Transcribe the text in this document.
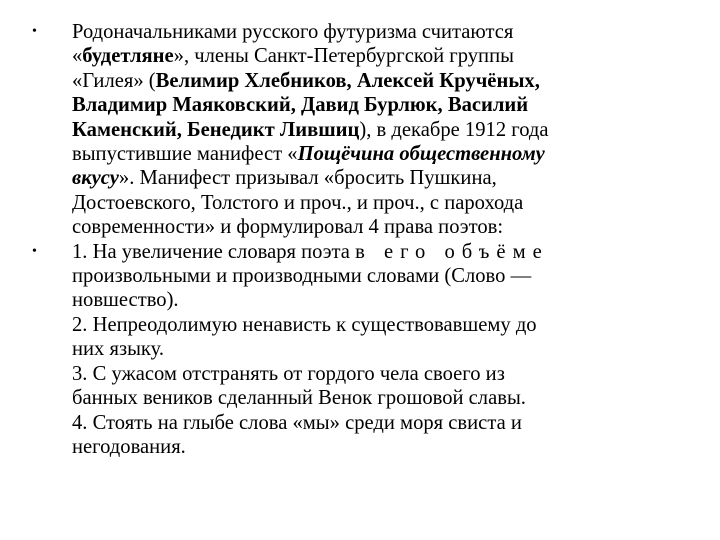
•	Родоначальниками русского футуризма считаются
«будетляне», члены Санкт-Петербургской группы
«Гилея» (Велимир Хлебников, Алексей Кручёных,
Владимир Маяковский, Давид Бурлюк, Василий
Каменский, Бенедикт Лившиц), в декабре 1912 года
выпустившие манифест «Пощёчина общественному
вкусу». Манифест призывал «бросить Пушкина,
Достоевского, Толстого и проч., и проч., с парохода
современности» и формулировал 4 права поэтов:
•	1. На увеличение словаря поэта в его объёме
произвольными и производными словами (Слово —
новшество).
2. Непреодолимую ненависть к существовавшему до
них языку.
3. С ужасом отстранять от гордого чела своего из
банных веников сделанный Венок грошовой славы.
4. Стоять на глыбе слова «мы» среди моря свиста и
негодования.
